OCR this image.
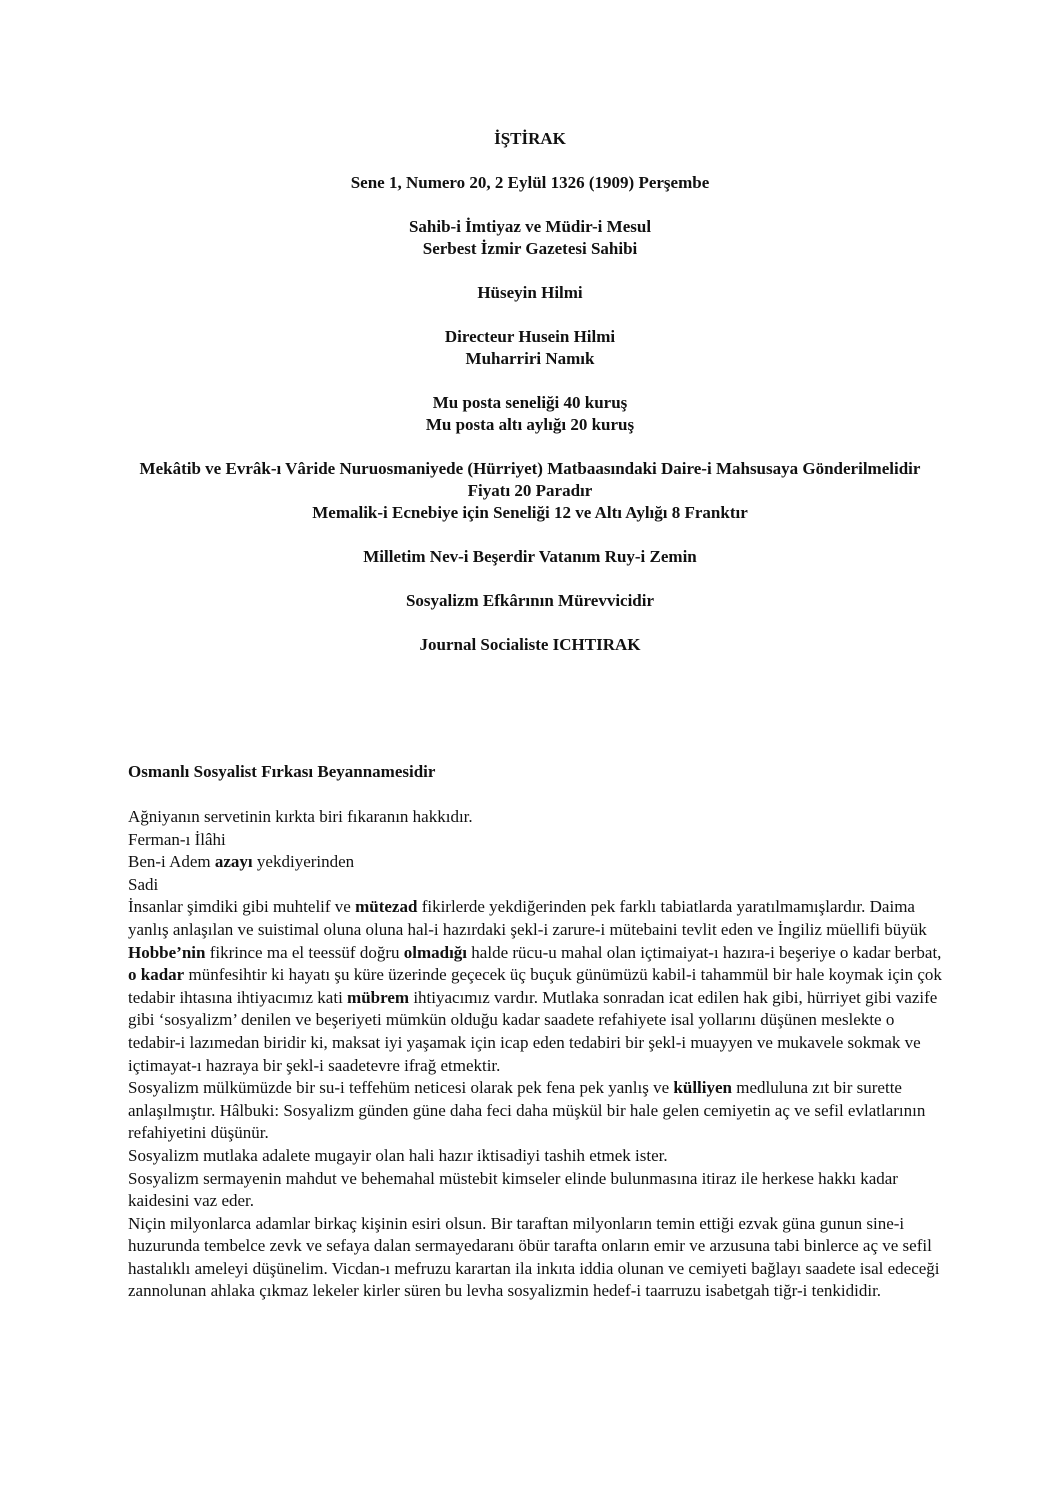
İŞTİRAK
Sene 1, Numero 20, 2 Eylül 1326 (1909) Perşembe
Sahib-i İmtiyaz ve Müdir-i Mesul
Serbest İzmir Gazetesi Sahibi
Hüseyin Hilmi
Directeur Husein Hilmi
Muharriri Namık
Mu posta seneliği 40 kuruş
Mu posta altı aylığı 20 kuruş
Mekâtib ve Evrâk-ı Vâride Nuruosmaniyede (Hürriyet) Matbaasındaki Daire-i Mahsusaya Gönderilmelidir
Fiyatı 20 Paradır
Memalik-i Ecnebiye için Seneliği 12 ve Altı Aylığı 8 Franktır
Milletim Nev-i Beşerdir Vatanım Ruy-i Zemin
Sosyalizm Efkârının Mürevvicidir
Journal Socialiste ICHTIRAK
Osmanlı Sosyalist Fırkası Beyannamesidir
Ağniyanın servetinin kırkta biri fıkaranın hakkıdır.
Ferman-ı İlâhi
Ben-i Adem azayı yekdiyerinden
Sadi
İnsanlar şimdiki gibi muhtelif ve mütezad fikirlerde yekdiğerinden pek farklı tabiatlarda yaratılmamışlardır. Daima yanlış anlaşılan ve suistimal oluna oluna hal-i hazırdaki şekl-i zarure-i mütebaini tevlit eden ve İngiliz müellifi büyük Hobbe’nin fikrince ma el teessüf doğru olmadığı halde rücu-u mahal olan içtimaiyat-ı hazıra-i beşeriye o kadar berbat, o kadar münfesihtir ki hayatı şu küre üzerinde geçecek üç buçuk günümüzü kabil-i tahammül bir hale koymak için çok tedabir ihtasına ihtiyacımız kati mübrem ihtiyacımız vardır. Mutlaka sonradan icat edilen hak gibi, hürriyet gibi vazife gibi ‘sosyalizm’ denilen ve beşeriyeti mümkün olduğu kadar saadete refahiyete isal yollarını düşünen meslekte o tedabir-i lazımedan biridir ki, maksat iyi yaşamak için icap eden tedabiri bir şekl-i muayyen ve mukavele sokmak ve içtimayat-ı hazraya bir şekl-i saadetevre ifrağ etmektir.
Sosyalizm mülkümüzde bir su-i teffehüm neticesi olarak pek fena pek yanlış ve külliyen medluluna zıt bir surette anlaşılmıştır. Hâlbuki: Sosyalizm günden güne daha feci daha müşkül bir hale gelen cemiyetin aç ve sefil evlatlarının refahiyetini düşünür.
Sosyalizm mutlaka adalete mugayir olan hali hazır iktisadiyi tashih etmek ister.
Sosyalizm sermayenin mahdut ve behemahal müstebit kimseler elinde bulunmasına itiraz ile herkese hakkı kadar kaidesini vaz eder.
Niçin milyonlarca adamlar birkaç kişinin esiri olsun. Bir taraftan milyonların temin ettiği ezvak güna gunun sine-i huzurunda tembelce zevk ve sefaya dalan sermayedaranı öbür tarafta onların emir ve arzusuna tabi binlerce aç ve sefil hastalıklı ameleyi düşünelim. Vicdan-ı mefruzu karartan ila inkıta iddia olunan ve cemiyeti bağlayı saadete isal edeceği zannolunan ahlaka çıkmaz lekeler kirler süren bu levha sosyalizmin hedef-i taarruzu isabetgah tiğr-i tenkididir.
